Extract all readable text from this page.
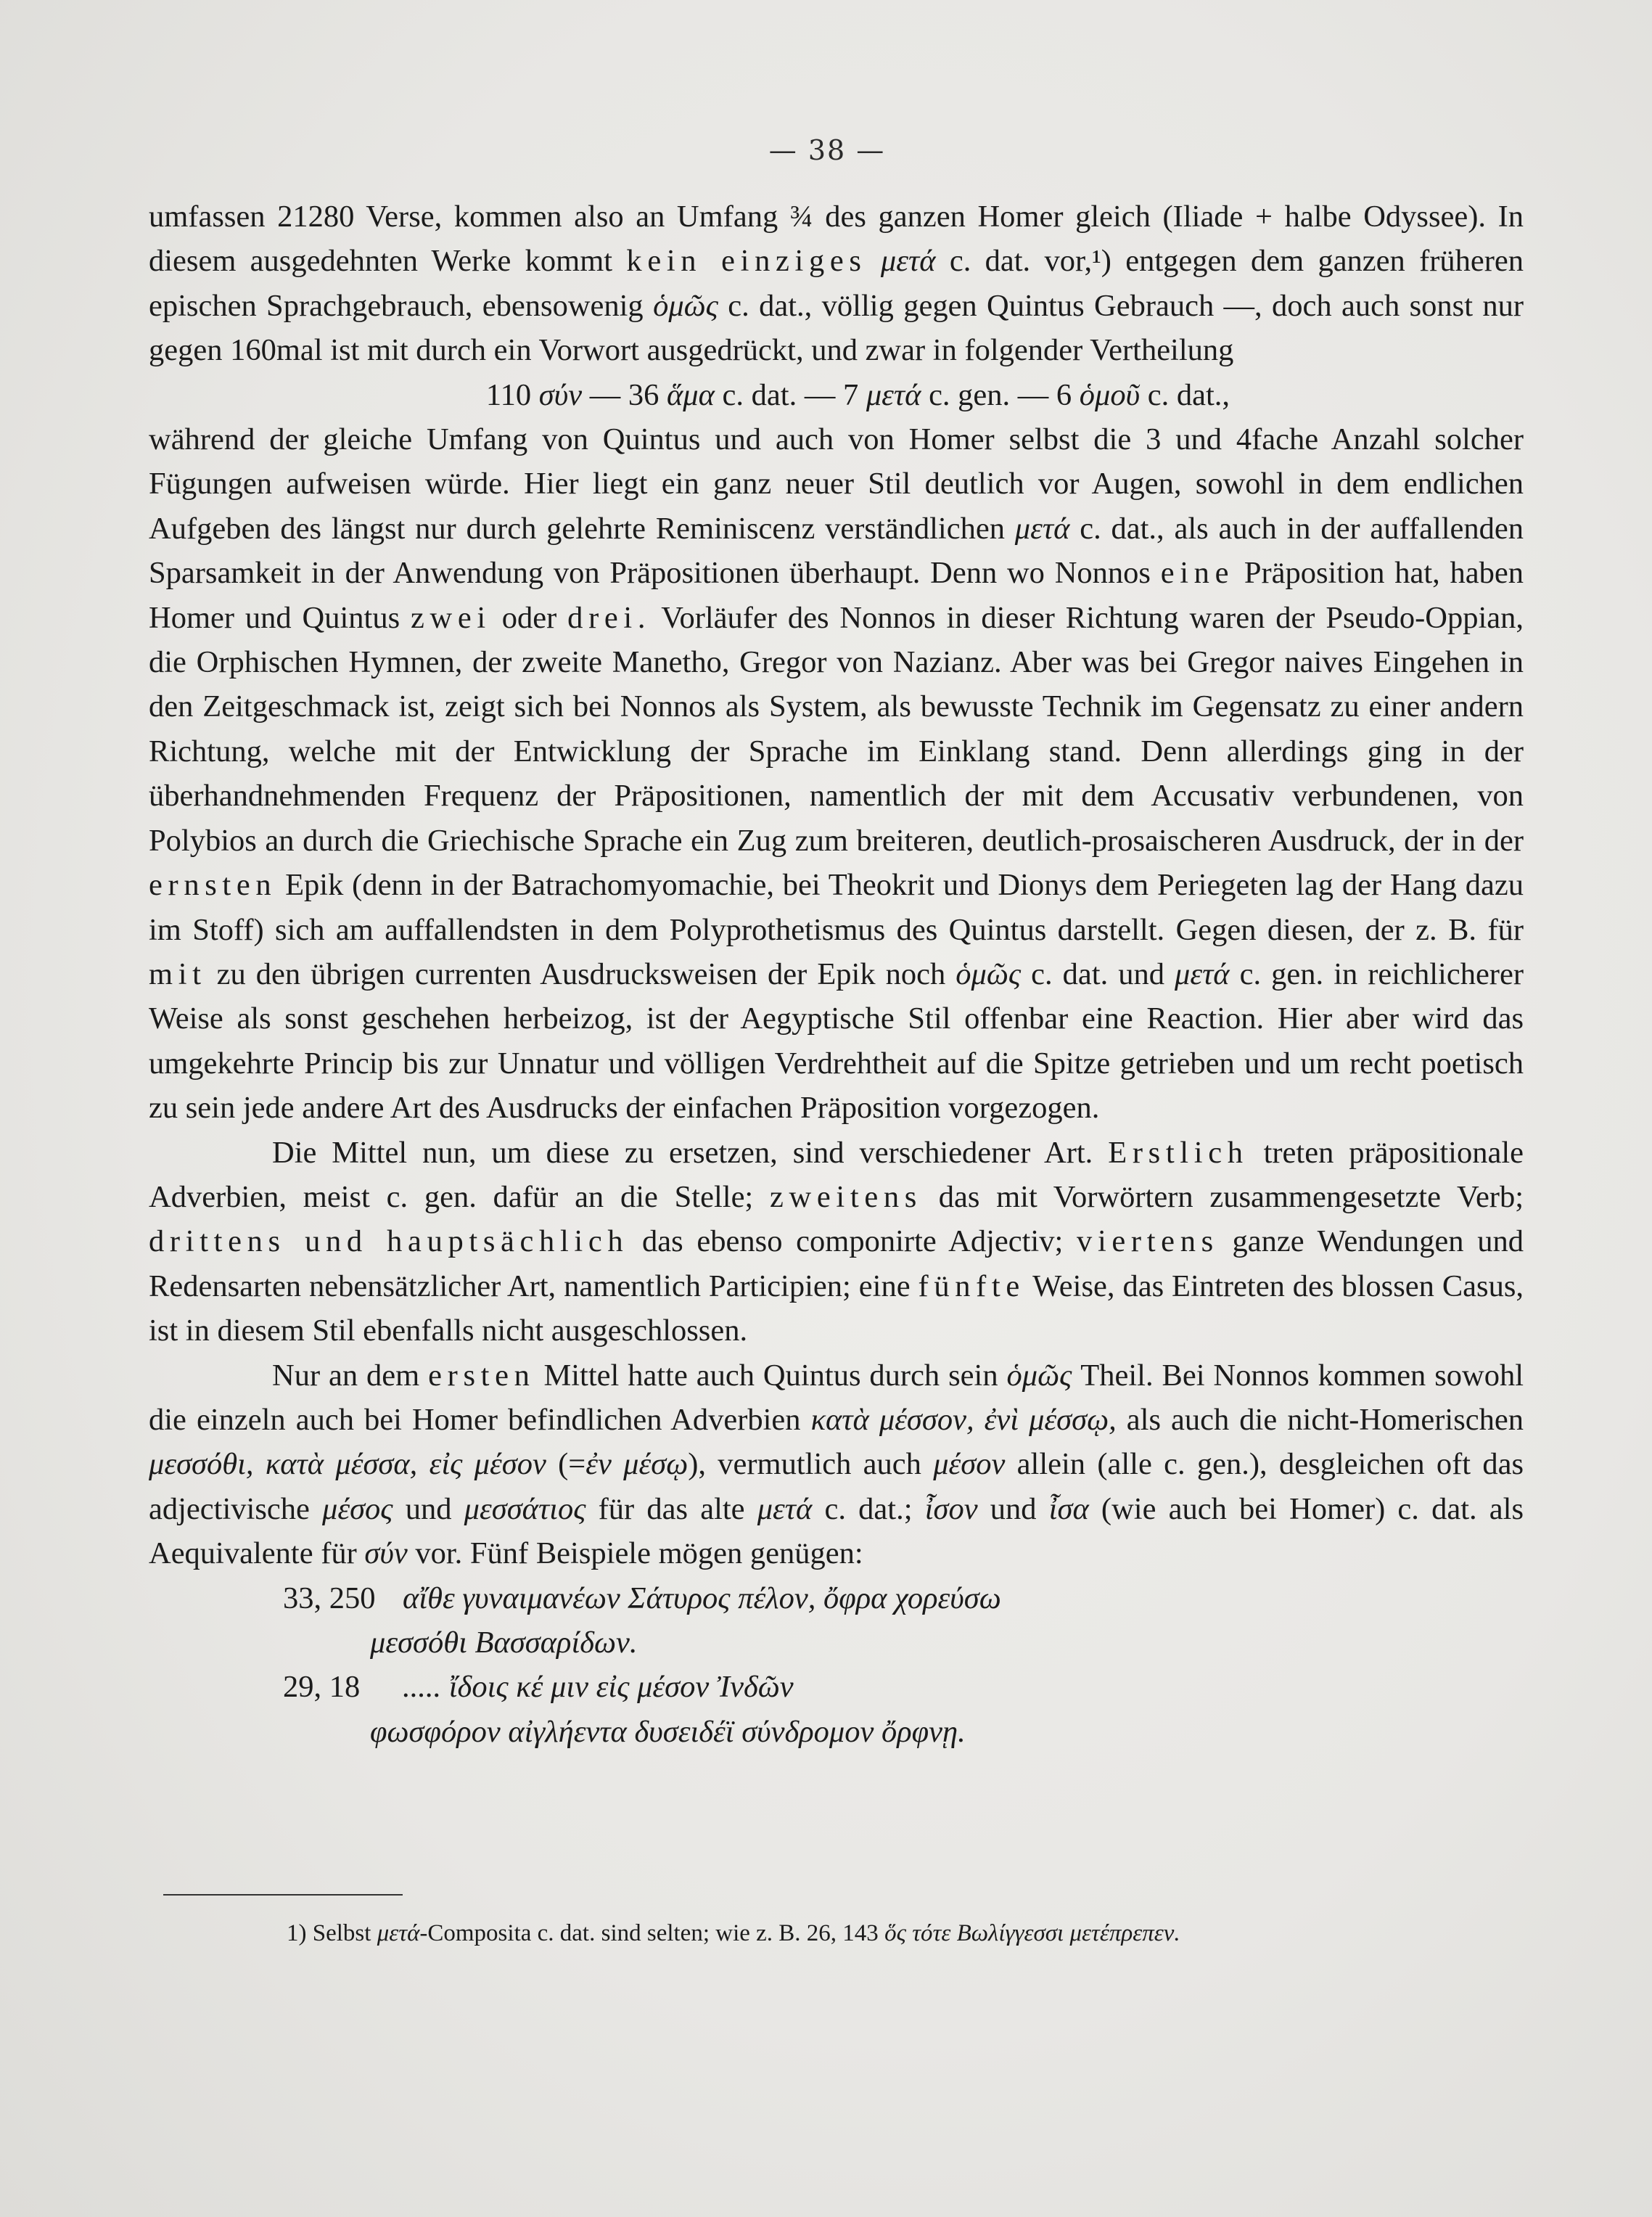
— 38 —

umfassen 21280 Verse, kommen also an Umfang ¾ des ganzen Homer gleich (Iliade + halbe Odyssee). In diesem ausgedehnten Werke kommt kein einziges μετά c. dat. vor,¹) entgegen dem ganzen früheren epischen Sprachgebrauch, ebensowenig ὁμῶς c. dat., völlig gegen Quintus Gebrauch —, doch auch sonst nur gegen 160mal ist mit durch ein Vorwort ausgedrückt, und zwar in folgender Vertheilung

110 σύν — 36 ἅμα c. dat. — 7 μετά c. gen. — 6 ὁμοῦ c. dat.,

während der gleiche Umfang von Quintus und auch von Homer selbst die 3 und 4fache Anzahl solcher Fügungen aufweisen würde. Hier liegt ein ganz neuer Stil deutlich vor Augen, sowohl in dem endlichen Aufgeben des längst nur durch gelehrte Reminiscenz verständlichen μετά c. dat., als auch in der auffallenden Sparsamkeit in der Anwendung von Präpositionen überhaupt. Denn wo Nonnos eine Präposition hat, haben Homer und Quintus zwei oder drei. Vorläufer des Nonnos in dieser Richtung waren der Pseudo-Oppian, die Orphischen Hymnen, der zweite Manetho, Gregor von Nazianz. Aber was bei Gregor naives Eingehen in den Zeitgeschmack ist, zeigt sich bei Nonnos als System, als bewusste Technik im Gegensatz zu einer andern Richtung, welche mit der Entwicklung der Sprache im Einklang stand. Denn allerdings ging in der überhandnehmenden Frequenz der Präpositionen, namentlich der mit dem Accusativ verbundenen, von Polybios an durch die Griechische Sprache ein Zug zum breiteren, deutlich-prosaischeren Ausdruck, der in der ernsten Epik (denn in der Batrachomyomachie, bei Theokrit und Dionys dem Periegeten lag der Hang dazu im Stoff) sich am auffallendsten in dem Polyprothetismus des Quintus darstellt. Gegen diesen, der z. B. für mit zu den übrigen currenten Ausdrucksweisen der Epik noch ὁμῶς c. dat. und μετά c. gen. in reichlicherer Weise als sonst geschehen herbeizog, ist der Aegyptische Stil offenbar eine Reaction. Hier aber wird das umgekehrte Princip bis zur Unnatur und völligen Verdrehtheit auf die Spitze getrieben und um recht poetisch zu sein jede andere Art des Ausdrucks der einfachen Präposition vorgezogen.

Die Mittel nun, um diese zu ersetzen, sind verschiedener Art. Erstlich treten präpositionale Adverbien, meist c. gen. dafür an die Stelle; zweitens das mit Vorwörtern zusammengesetzte Verb; drittens und hauptsächlich das ebenso componirte Adjectiv; viertens ganze Wendungen und Redensarten nebensätzlicher Art, namentlich Participien; eine fünfte Weise, das Eintreten des blossen Casus, ist in diesem Stil ebenfalls nicht ausgeschlossen.

Nur an dem ersten Mittel hatte auch Quintus durch sein ὁμῶς Theil. Bei Nonnos kommen sowohl die einzeln auch bei Homer befindlichen Adverbien κατὰ μέσσον, ἐνὶ μέσσῳ, als auch die nicht-Homerischen μεσσόθι, κατὰ μέσσα, εἰς μέσον (=ἐν μέσῳ), vermutlich auch μέσον allein (alle c. gen.), desgleichen oft das adjectivische μέσος und μεσσάτιος für das alte μετά c. dat.; ἶσον und ἶσα (wie auch bei Homer) c. dat. als Aequivalente für σύν vor. Fünf Beispiele mögen genügen:

33, 250 αἴθε γυναιμανέων Σάτυρος πέλον, ὄφρα χορεύσω
μεσσόθι Βασσαρίδων.
29, 18 ..... ἴδοις κέ μιν εἰς μέσον Ἰνδῶν
φωσφόρον αἰγλήεντα δυσειδέϊ σύνδρομον ὄρφνῃ.
1) Selbst μετά-Composita c. dat. sind selten; wie z. B. 26, 143 ὅς τότε Βωλίγγεσσι μετέπρεπεν.
